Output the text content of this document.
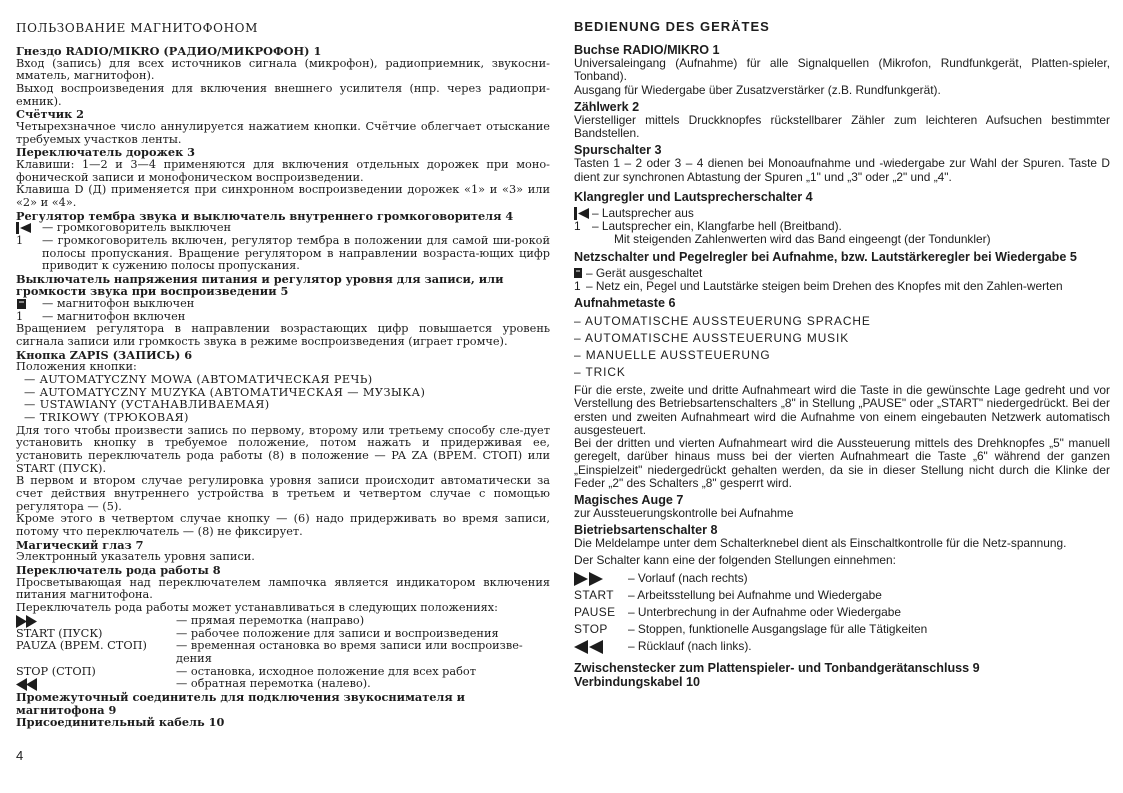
ПОЛЬЗОВАНИЕ МАГНИТОФОНОМ

Гнездо RADIO/MIKRO (РАДИО/МИКРОФОН) 1

Вход (запись) для всех источников сигнала (микрофон), радиоприемник, звукосни-мматель, магнитофон).

Выход воспроизведения для включения внешнего усилителя (нпр. через радиопри-емник).

Счётчик 2

Четырехзначное число аннулируется нажатием кнопки. Счётчие облегчает отыскание требуемых участков ленты.

Переключатель дорожек 3

Клавиши: 1—2 и 3—4 применяются для включения отдельных дорожек при моно-фонической записи и монофоническом воспроизведении.

Клавиша D (Д) применяется при синхронном воспроизведении дорожек «1» и «3» или «2» и «4».

Регулятор тембра звука и выключатель внутреннего громкоговорителя 4

— громкоговоритель выключен
1	— громкоговоритель включен, регулятор тембра в положении для самой ши-рокой полосы пропускания. Вращение регулятором в направлении возраста-ющих цифр приводит к сужению полосы пропускания.

Выключатель напряжения питания и регулятор уровня для записи, или громкости звука при воспроизведении 5

— магнитофон выключен
1	— магнитофон включен

Вращением регулятора в направлении возрастающих цифр повышается уровень сигнала записи или громкость звука в режиме воспроизведения (играет громче).

Кнопка ZAPIS (ЗАПИСЬ) 6

Положения кнопки:

— AUTOMATYCZNY MOWA (АВТОМАТИЧЕСКАЯ РЕЧЬ)

— AUTOMATYCZNY MUZYKA (АВТОМАТИЧЕСКАЯ — МУЗЫКА)

— USTAWIANY (УСТАНАВЛИВАЕМАЯ)

— TRIKOWY (ТРЮКОВАЯ)

Для того чтобы произвести запись по первому, второму или третьему способу сле-дует установить кнопку в требуемое положение, потом нажать и придерживая ее, установить переключатель рода работы (8) в положение — PA ZA (ВРЕМ. СТОП) или START (ПУСК).

В первом и втором случае регулировка уровня записи происходит автоматически за счет действия внутреннего устройства в третьем и четвертом случае с помощью регулятора — (5).

Кроме этого в четвертом случае кнопку — (6) надо придерживать во время записи, потому что переключатель — (8) не фиксирует.

Магический глаз 7

Электронный указатель уровня записи.

Переключатель рода работы 8

Просветывающая над переключателем лампочка является индикатором включения питания магнитофона.

Переключатель рода работы может устанавливаться в следующих положениях:

— прямая перемотка (направо)
START (ПУСК)	— рабочее положение для записи и воспроизведения
PAUZA (ВРЕМ. СТОП)	— временная остановка во время записи или воспроизве-дения
STOP (СТОП)	— остановка, исходное положение для всех работ
— обратная перемотка (налево).

Промежуточный соединитель для подключения звукоснимателя и магнитофона 9

Присоединительный кабель 10

BEDIENUNG DES GERÄTES

Buchse RADIO/MIKRO 1

Universaleingang (Aufnahme) für alle Signalquellen (Mikrofon, Rundfunkgerät, Platten-spieler, Tonband).

Ausgang für Wiedergabe über Zusatzverstärker (z.B. Rundfunkgerät).

Zählwerk 2

Vierstelliger mittels Druckknopfes rückstellbarer Zähler zum leichteren Aufsuchen bestimmter Bandstellen.

Spurschalter 3

Tasten 1 – 2 oder 3 – 4 dienen bei Monoaufnahme und -wiedergabe zur Wahl der Spuren. Taste D dient zur synchronen Abtastung der Spuren „1" und „3" oder „2" und „4".

Klangregler und Lautsprecherschalter 4

– Lautsprecher aus
1 – Lautsprecher ein, Klangfarbe hell (Breitband).

Mit steigenden Zahlenwerten wird das Band eingeengt (der Tondunkler)

Netzschalter und Pegelregler bei Aufnahme, bzw. Lautstärkeregler bei Wiedergabe 5

– Gerät ausgeschaltet
1 – Netz ein, Pegel und Lautstärke steigen beim Drehen des Knopfes mit den Zahlen-werten

Aufnahmetaste 6

– AUTOMATISCHE AUSSTEUERUNG SPRACHE

– AUTOMATISCHE AUSSTEUERUNG MUSIK

– MANUELLE AUSSTEUERUNG

– TRICK

Für die erste, zweite und dritte Aufnahmeart wird die Taste in die gewünschte Lage gedreht und vor Verstellung des Betriebsartenschalters „8" in Stellung „PAUSE" oder „START" niedergedrückt. Bei der ersten und zweiten Aufnahmeart wird die Aufnahme von einem eingebauten Netzwerk automatisch ausgesteuert.

Bei der dritten und vierten Aufnahmeart wird die Aussteuerung mittels des Drehknopfes „5" manuell geregelt, darüber hinaus muss bei der vierten Aufnahmeart die Taste „6" während der ganzen „Einspielzeit" niedergedrückt gehalten werden, da sie in dieser Stellung nicht durch die Klinke der Feder „2" des Schalters „8" gesperrt wird.

Magisches Auge 7

zur Aussteuerungskontrolle bei Aufnahme

Bietriebsartenschalter 8

Die Meldelampe unter dem Schalterknebel dient als Einschaltkontrolle für die Netz-spannung.

Der Schalter kann eine der folgenden Stellungen einnehmen:

– Vorlauf (nach rechts)
START	– Arbeitsstellung bei Aufnahme und Wiedergabe
PAUSE	– Unterbrechung in der Aufnahme oder Wiedergabe
STOP	– Stoppen, funktionelle Ausgangslage für alle Tätigkeiten
– Rücklauf (nach links).

Zwischenstecker zum Plattenspieler- und Tonbandgerätanschluss 9

Verbindungskabel 10

4
